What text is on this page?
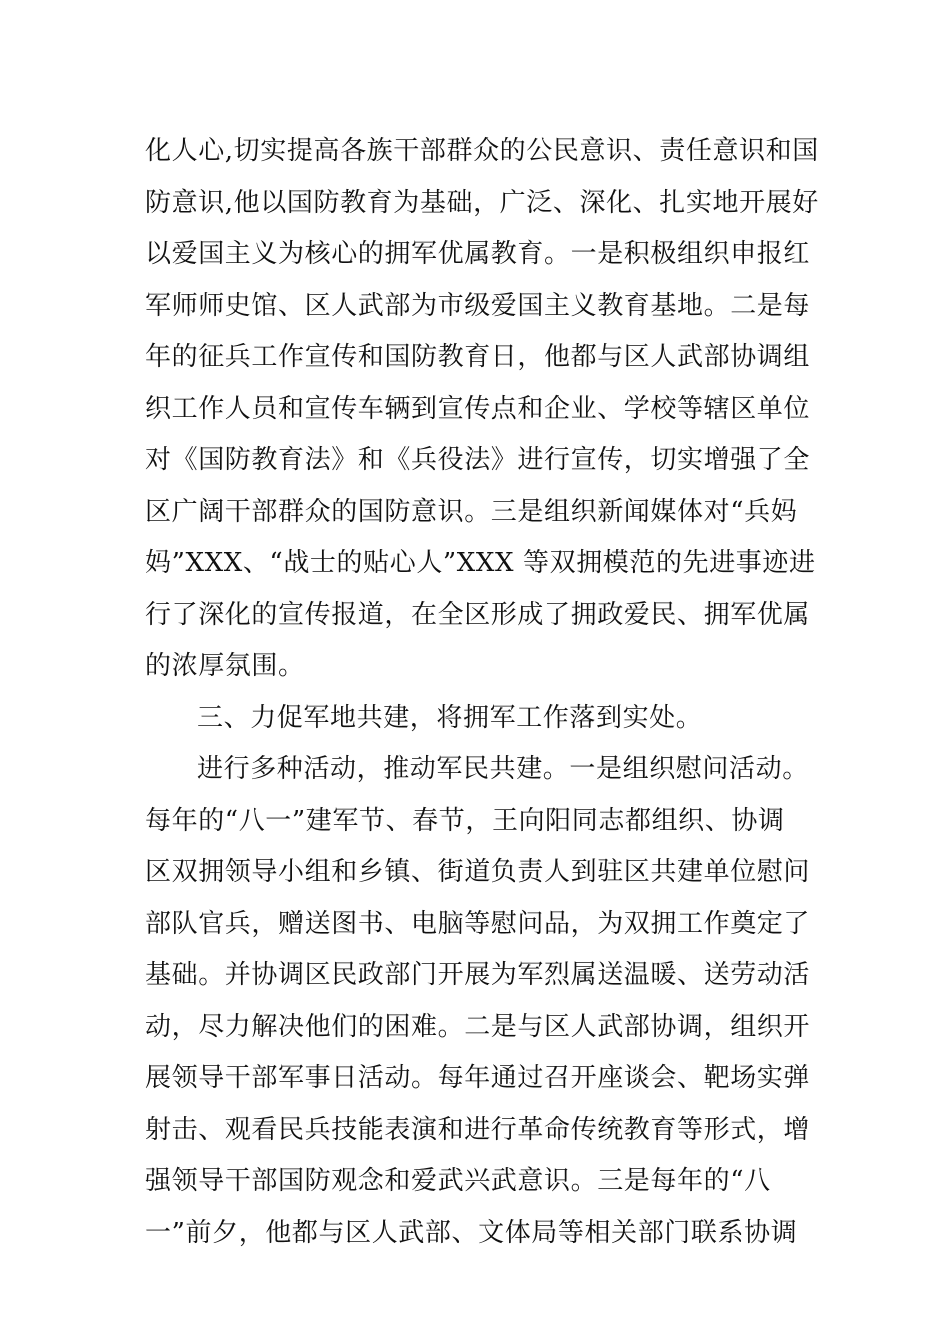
化人心,切实提高各族干部群众的公民意识、责任意识和国
防意识,他以国防教育为基础，广泛、深化、扎实地开展好
以爱国主义为核心的拥军优属教育。一是积极组织申报红
军师师史馆、区人武部为市级爱国主义教育基地。二是每
年的征兵工作宣传和国防教育日，他都与区人武部协调组
织工作人员和宣传车辆到宣传点和企业、学校等辖区单位
对《国防教育法》和《兵役法》进行宣传，切实增强了全
区广阔干部群众的国防意识。三是组织新闻媒体对“兵妈
妈”XXX、“战士的贴心人”XXX 等双拥模范的先进事迹进
行了深化的宣传报道，在全区形成了拥政爱民、拥军优属
的浓厚氛围。
三、力促军地共建，将拥军工作落到实处。
进行多种活动，推动军民共建。一是组织慰问活动。
每年的“八一”建军节、春节，王向阳同志都组织、协调
区双拥领导小组和乡镇、街道负责人到驻区共建单位慰问
部队官兵，赠送图书、电脑等慰问品，为双拥工作奠定了
基础。并协调区民政部门开展为军烈属送温暖、送劳动活
动，尽力解决他们的困难。二是与区人武部协调，组织开
展领导干部军事日活动。每年通过召开座谈会、靶场实弹
射击、观看民兵技能表演和进行革命传统教育等形式，增
强领导干部国防观念和爱武兴武意识。三是每年的“八
一”前夕，他都与区人武部、文体局等相关部门联系协调
